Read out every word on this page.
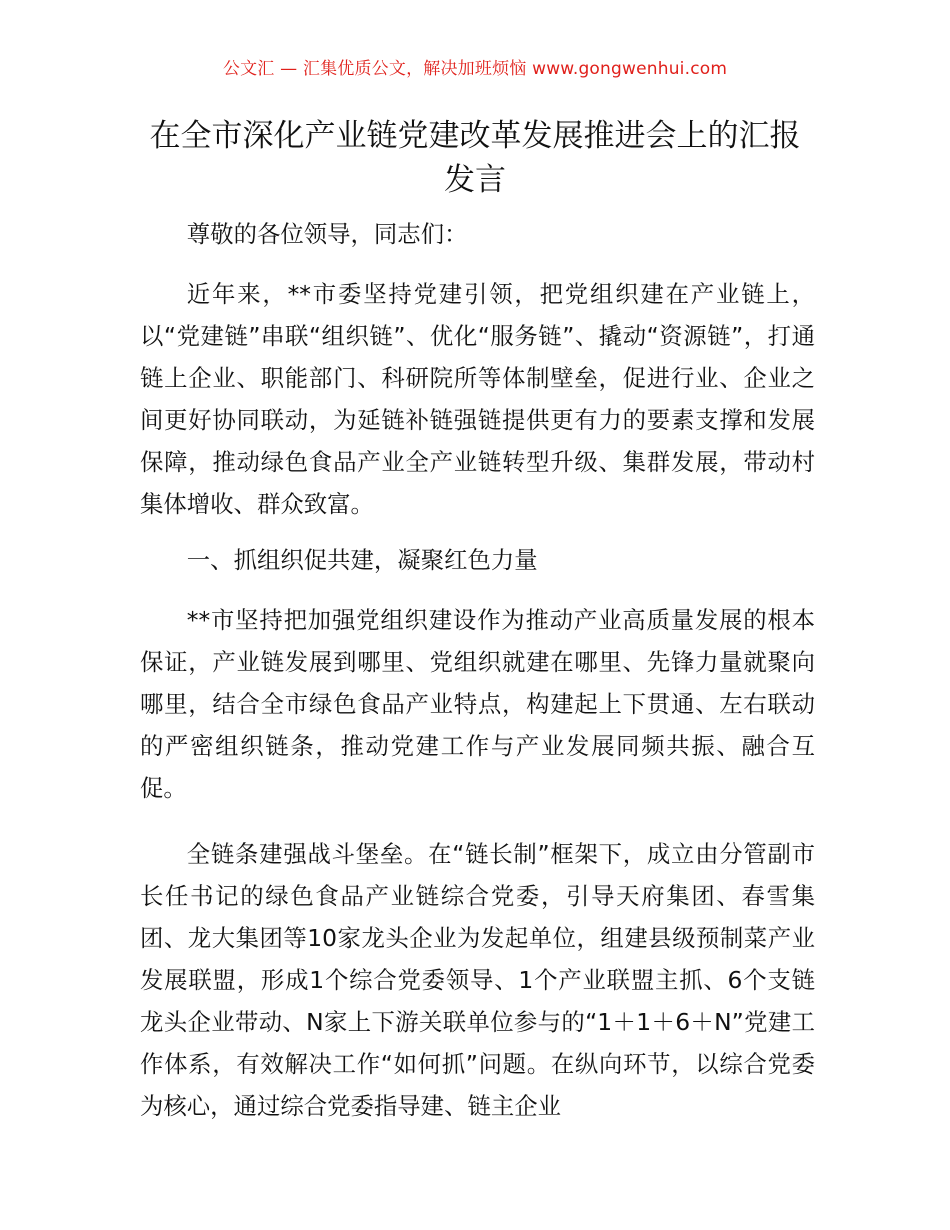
公文汇 — 汇集优质公文，解决加班烦恼 www.gongwenhui.com
在全市深化产业链党建改革发展推进会上的汇报发言

尊敬的各位领导，同志们：

近年来，**市委坚持党建引领，把党组织建在产业链上，以“党建链”串联“组织链”、优化“服务链”、撬动“资源链”，打通链上企业、职能部门、科研院所等体制壁垒，促进行业、企业之间更好协同联动，为延链补链强链提供更有力的要素支撑和发展保障，推动绿色食品产业全产业链转型升级、集群发展，带动村集体增收、群众致富。

一、抓组织促共建，凝聚红色力量

**市坚持把加强党组织建设作为推动产业高质量发展的根本保证，产业链发展到哪里、党组织就建在哪里、先锋力量就聚向哪里，结合全市绿色食品产业特点，构建起上下贯通、左右联动的严密组织链条，推动党建工作与产业发展同频共振、融合互促。

全链条建强战斗堡垒。在“链长制”框架下，成立由分管副市长任书记的绿色食品产业链综合党委，引导天府集团、春雪集团、龙大集团等10家龙头企业为发起单位，组建县级预制菜产业发展联盟，形成1个综合党委领导、1个产业联盟主抓、6个支链龙头企业带动、N家上下游关联单位参与的“1＋1＋6＋N”党建工作体系，有效解决工作“如何抓”问题。在纵向环节，以综合党委为核心，通过综合党委指导建、链主企业
